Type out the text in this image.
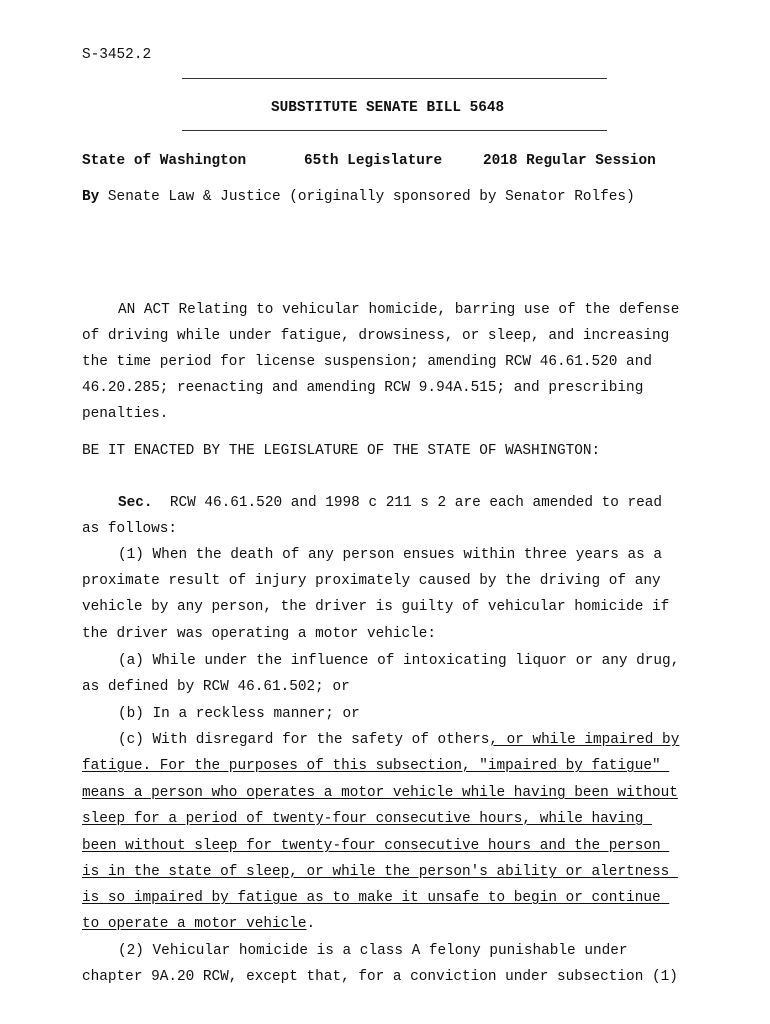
S-3452.2
SUBSTITUTE SENATE BILL 5648
State of Washington	65th Legislature	2018 Regular Session
By Senate Law & Justice (originally sponsored by Senator Rolfes)
AN ACT Relating to vehicular homicide, barring use of the defense
of driving while under fatigue, drowsiness, or sleep, and increasing
the time period for license suspension; amending RCW 46.61.520 and
46.20.285; reenacting and amending RCW 9.94A.515; and prescribing
penalties.
BE IT ENACTED BY THE LEGISLATURE OF THE STATE OF WASHINGTON:
Sec. RCW 46.61.520 and 1998 c 211 s 2 are each amended to read
as follows:
(1) When the death of any person ensues within three years as a
proximate result of injury proximately caused by the driving of any
vehicle by any person, the driver is guilty of vehicular homicide if
the driver was operating a motor vehicle:
(a) While under the influence of intoxicating liquor or any drug,
as defined by RCW 46.61.502; or
(b) In a reckless manner; or
(c) With disregard for the safety of others, or while impaired by
fatigue. For the purposes of this subsection, "impaired by fatigue"
means a person who operates a motor vehicle while having been without
sleep for a period of twenty-four consecutive hours, while having
been without sleep for twenty-four consecutive hours and the person
is in the state of sleep, or while the person's ability or alertness
is so impaired by fatigue as to make it unsafe to begin or continue
to operate a motor vehicle.
(2) Vehicular homicide is a class A felony punishable under
chapter 9A.20 RCW, except that, for a conviction under subsection (1)
